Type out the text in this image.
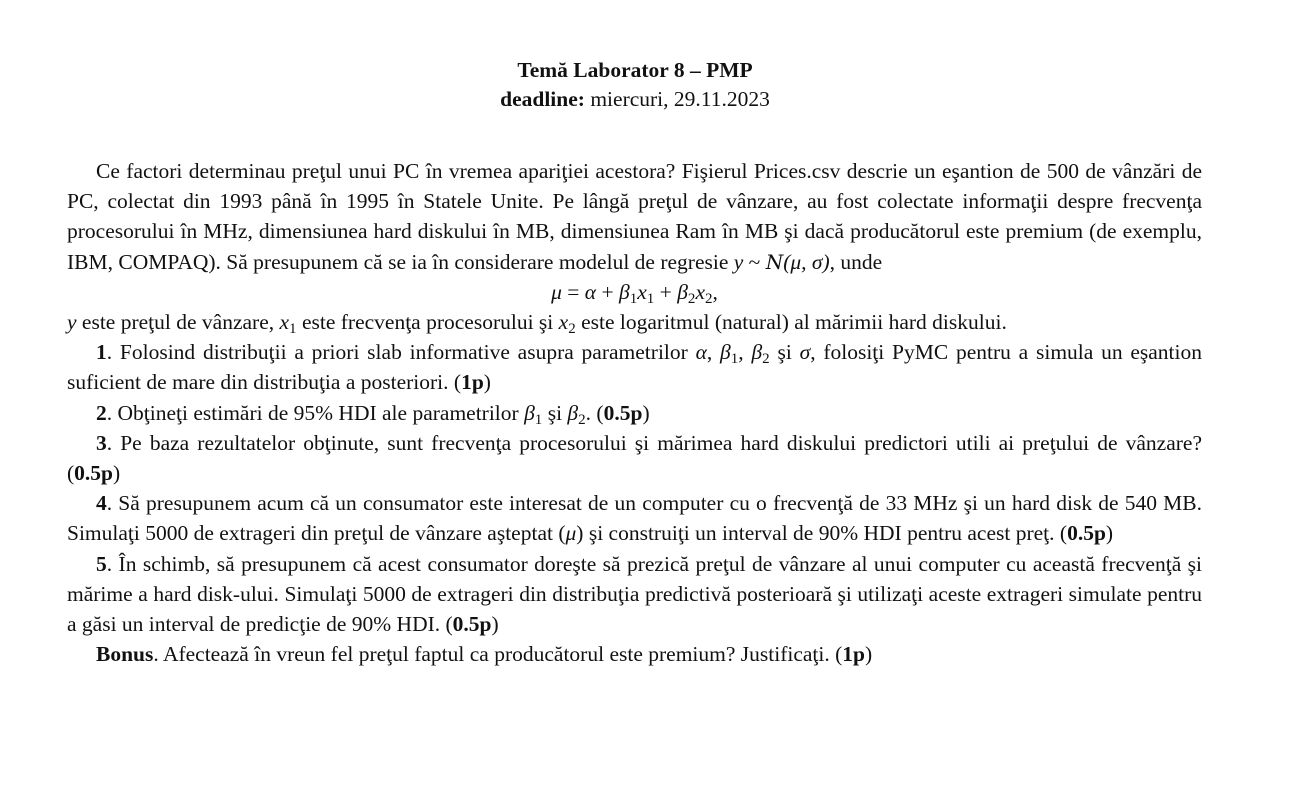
Temă Laborator 8 – PMP
deadline: miercuri, 29.11.2023

Ce factori determinau preţul unui PC în vremea apariţiei acestora? Fişierul Prices.csv descrie un eşantion de 500 de vânzări de PC, colectat din 1993 până în 1995 în Statele Unite. Pe lângă preţul de vânzare, au fost colectate informaţii despre frecvenţa procesorului în MHz, dimensiunea hard diskului în MB, dimensiunea Ram în MB şi dacă producătorul este premium (de exemplu, IBM, COMPAQ). Să presupunem că se ia în considerare modelul de regresie y ~ N(μ, σ), unde

$\mu = \alpha + \beta_1x_1 + \beta_2x_2$,

y este preţul de vânzare, $x_1$ este frecvenţa procesorului şi $x_2$ este logaritmul (natural) al mărimii hard diskului.

1. Folosind distribuţii a priori slab informative asupra parametrilor α, $\beta_1$, $\beta_2$ şi σ, folosiţi PyMC pentru a simula un eşantion suficient de mare din distribuţia a posteriori. (1p)

2. Obţineţi estimări de 95% HDI ale parametrilor $\beta_1$ şi $\beta_2$. (0.5p)

3. Pe baza rezultatelor obţinute, sunt frecvenţa procesorului şi mărimea hard diskului predictori utili ai preţului de vânzare? (0.5p)

4. Să presupunem acum că un consumator este interesat de un computer cu o frecvenţă de 33 MHz şi un hard disk de 540 MB. Simulaţi 5000 de extrageri din preţul de vânzare aşteptat (μ) şi construiţi un interval de 90% HDI pentru acest preţ. (0.5p)

5. În schimb, să presupunem că acest consumator doreşte să prezică preţul de vânzare al unui computer cu această frecvenţă şi mărime a hard disk-ului. Simulaţi 5000 de extrageri din distribuţia predictivă posterioară şi utilizaţi aceste extrageri simulate pentru a găsi un interval de predicţie de 90% HDI. (0.5p)

Bonus. Afectează în vreun fel preţul faptul ca producătorul este premium? Justificaţi. (1p)
